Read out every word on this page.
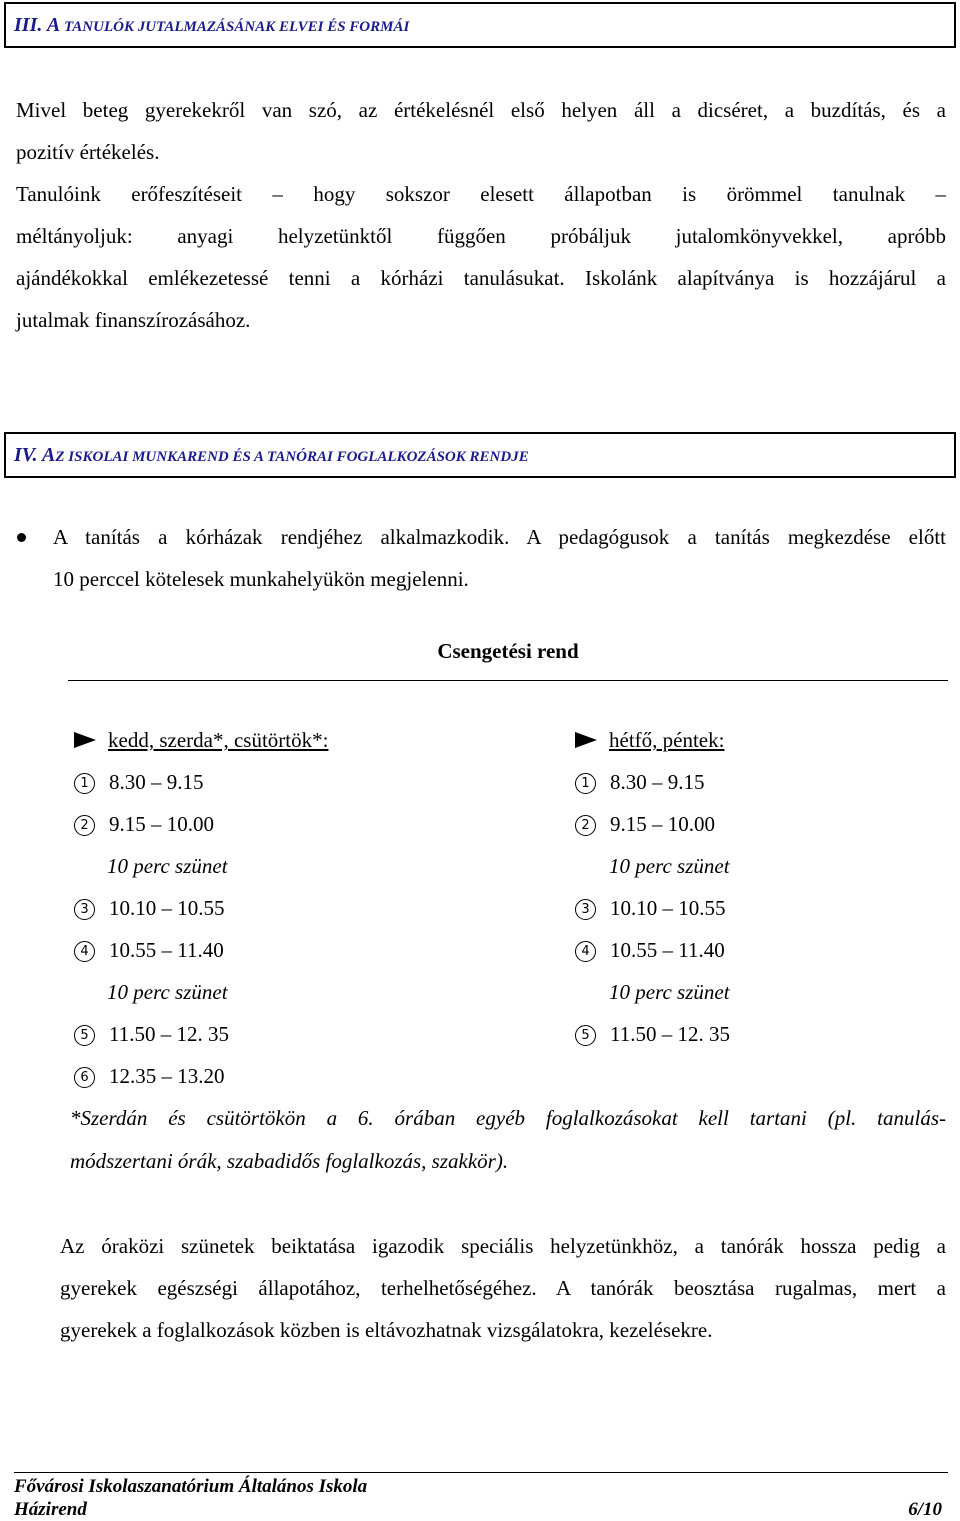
III. A TANULÓK JUTALMAZÁSÁNAK ELVEI ÉS FORMÁI
Mivel beteg gyerekekről van szó, az értékelésnél első helyen áll a dicséret, a buzdítás, és a
pozitív értékelés.
Tanulóink erőfeszítéseit – hogy sokszor elesett állapotban is örömmel tanulnak –
méltányoljuk: anyagi helyzetünktől függően próbáljuk jutalomkönyvekkel, apróbb
ajándékokkal emlékezetessé tenni a kórházi tanulásukat. Iskolánk alapítványa is hozzájárul a
jutalmak finanszírozásához.
IV. AZ ISKOLAI MUNKAREND ÉS A TANÓRAI FOGLALKOZÁSOK RENDJE
A tanítás a kórházak rendjéhez alkalmazkodik. A pedagógusok a tanítás megkezdése előtt
10 perccel kötelesek munkahelyükön megjelenni.
Csengetési rend
kedd, szerda*, csütörtök*:
1 8.30 – 9.15
2 9.15 – 10.00
10 perc szünet
3 10.10 – 10.55
4 10.55 – 11.40
10 perc szünet
5 11.50 – 12. 35
6 12.35 – 13.20
hétfő, péntek:
1 8.30 – 9.15
2 9.15 – 10.00
10 perc szünet
3 10.10 – 10.55
4 10.55 – 11.40
10 perc szünet
5 11.50 – 12. 35
*Szerdán és csütörtökön a 6. órában egyéb foglalkozásokat kell tartani (pl. tanulás-
módszertani órák, szabadidős foglalkozás, szakkör).
Az óraközi szünetek beiktatása igazodik speciális helyzetünkhöz, a tanórák hossza pedig a
gyerekek egészségi állapotához, terhelhetőségéhez. A tanórák beosztása rugalmas, mert a
gyerekek a foglalkozások közben is eltávozhatnak vizsgálatokra, kezelésekre.
Fővárosi Iskolaszanatórium Általános Iskola
Házirend	6/10
